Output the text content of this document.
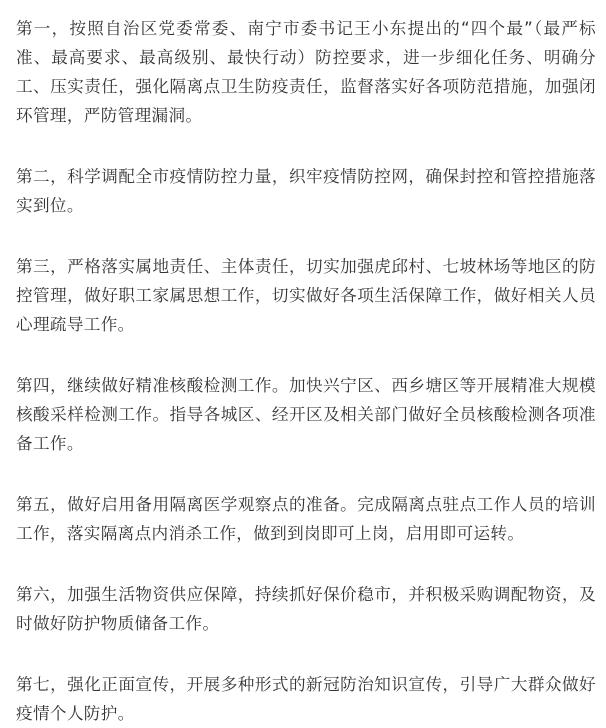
第一，按照自治区党委常委、南宁市委书记王小东提出的“四个最”（最严标准、最高要求、最高级别、最快行动）防控要求，进一步细化任务、明确分工、压实责任，强化隔离点卫生防疫责任，监督落实好各项防范措施，加强闭环管理，严防管理漏洞。

第二，科学调配全市疫情防控力量，织牢疫情防控网，确保封控和管控措施落实到位。

第三，严格落实属地责任、主体责任，切实加强虎邱村、七坡林场等地区的防控管理，做好职工家属思想工作，切实做好各项生活保障工作，做好相关人员心理疏导工作。

第四，继续做好精准核酸检测工作。加快兴宁区、西乡塘区等开展精准大规模核酸采样检测工作。指导各城区、经开区及相关部门做好全员核酸检测各项准备工作。

第五，做好启用备用隔离医学观察点的准备。完成隔离点驻点工作人员的培训工作，落实隔离点内消杀工作，做到到岗即可上岗，启用即可运转。

第六，加强生活物资供应保障，持续抓好保价稳市，并积极采购调配物资，及时做好防护物质储备工作。

第七，强化正面宣传，开展多种形式的新冠防治知识宣传，引导广大群众做好疫情个人防护。
